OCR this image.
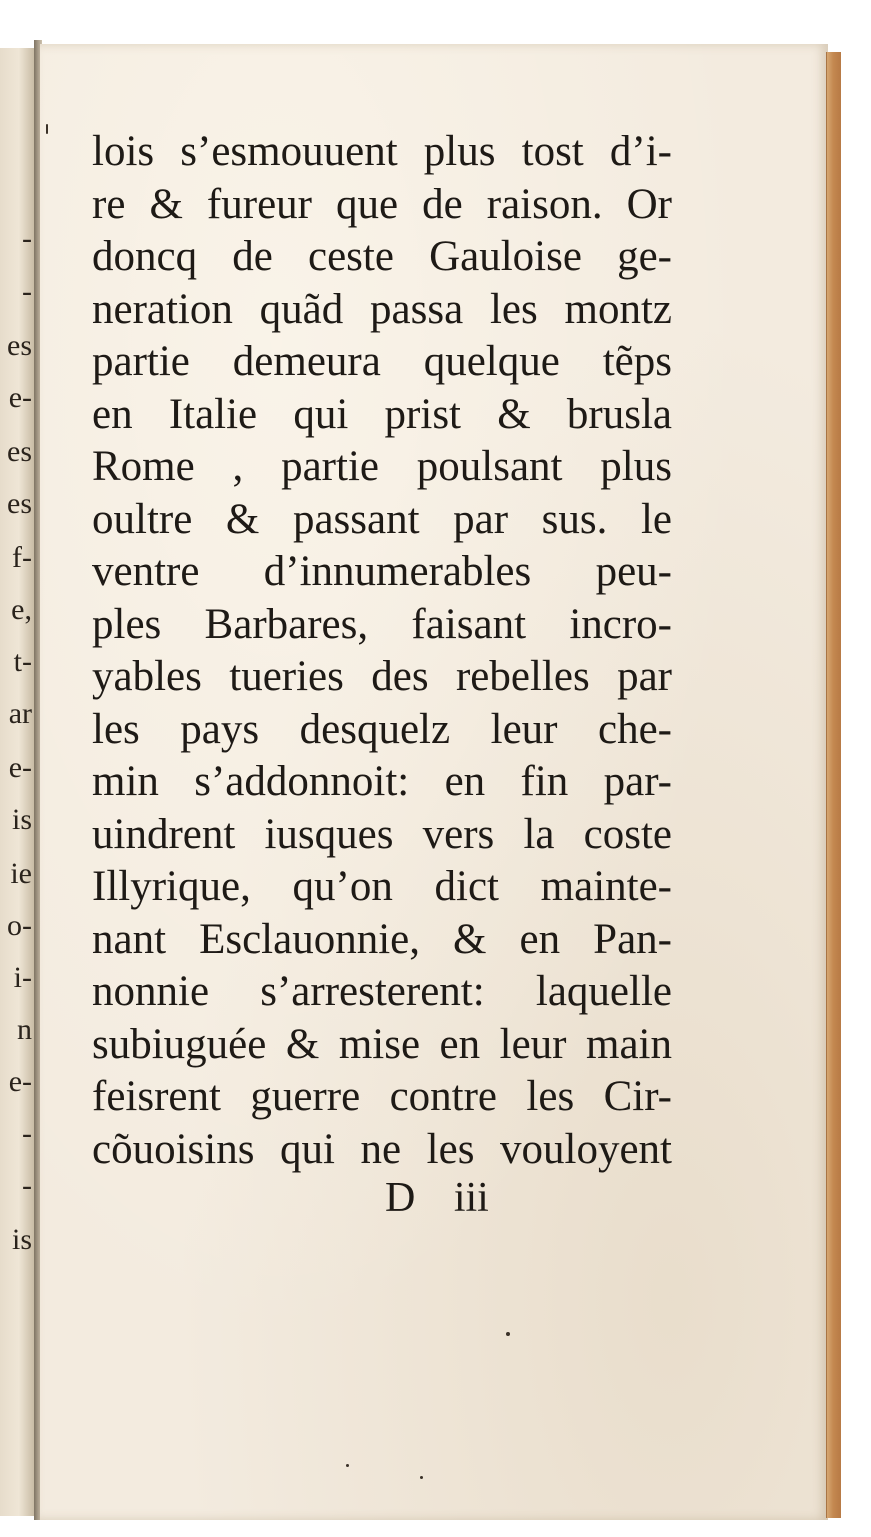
-
-
es
e-
es
es
f-
e,
t-
ar
e-
is
ie
o-
i-
n
e-
-
-
is
lois s’esmouuent plus tost d’i-
re & fureur que de raison. Or
doncq de ceste Gauloise ge-
neration quãd passa les montz
partie demeura quelque tẽps
en Italie qui prist & brusla
Rome , partie poulsant plus
oultre & passant par sus. le
ventre d’innumerables peu-
ples Barbares, faisant incro-
yables tueries des rebelles par
les pays desquelz leur che-
min s’addonnoit: en fin par-
uindrent iusques vers la coste
Illyrique, qu’on dict mainte-
nant Esclauonnie, & en Pan-
nonnie s’arresterent: laquelle
subiuguée & mise en leur main
feisrent guerre contre les Cir-
cõuoisins qui ne les vouloyent
D iii
